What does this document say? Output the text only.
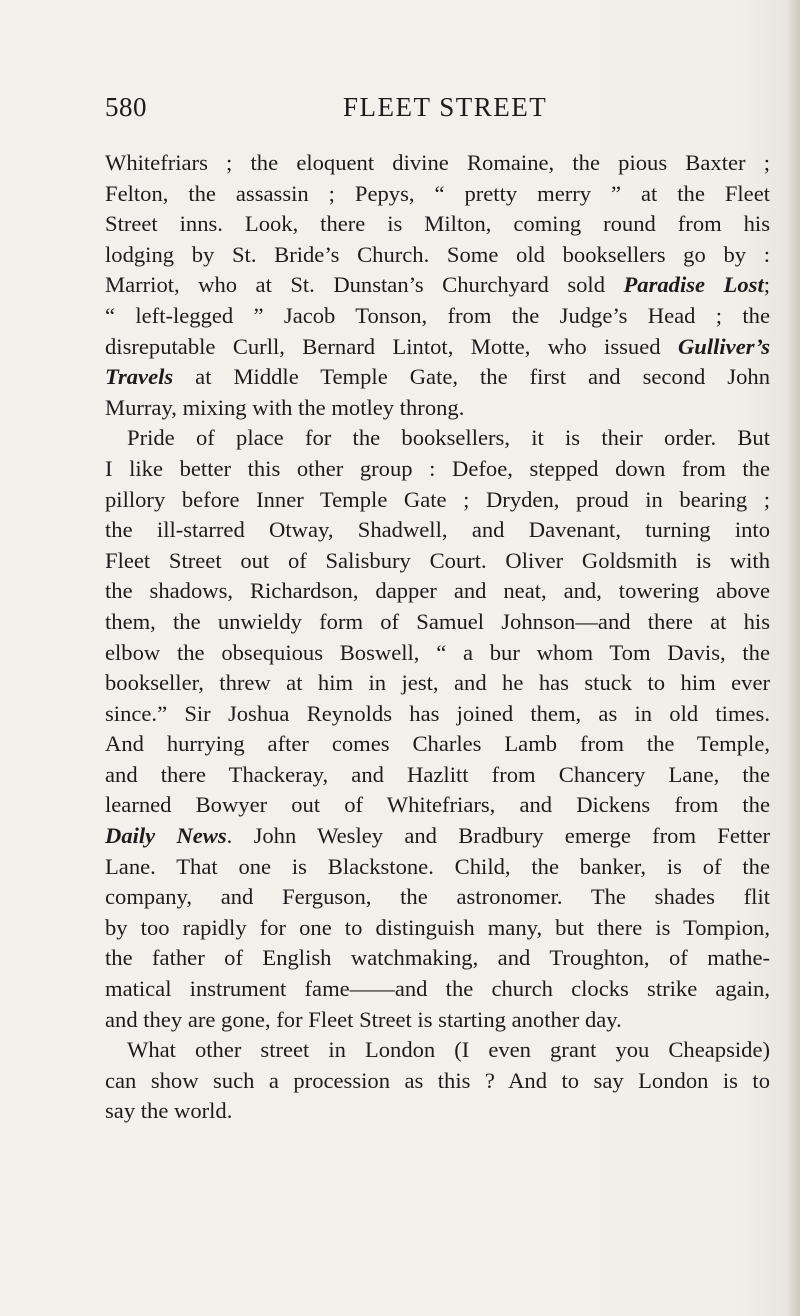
580	FLEET STREET
Whitefriars ; the eloquent divine Romaine, the pious Baxter ;
Felton, the assassin ; Pepys, “ pretty merry ” at the Fleet
Street inns. Look, there is Milton, coming round from his
lodging by St. Bride’s Church. Some old booksellers go by :
Marriot, who at St. Dunstan’s Churchyard sold Paradise Lost;
“ left-legged ” Jacob Tonson, from the Judge’s Head ; the
disreputable Curll, Bernard Lintot, Motte, who issued Gulliver’s
Travels at Middle Temple Gate, the first and second John
Murray, mixing with the motley throng.
Pride of place for the booksellers, it is their order. But
I like better this other group : Defoe, stepped down from the
pillory before Inner Temple Gate ; Dryden, proud in bearing ;
the ill-starred Otway, Shadwell, and Davenant, turning into
Fleet Street out of Salisbury Court. Oliver Goldsmith is with
the shadows, Richardson, dapper and neat, and, towering above
them, the unwieldy form of Samuel Johnson—and there at his
elbow the obsequious Boswell, “ a bur whom Tom Davis, the
bookseller, threw at him in jest, and he has stuck to him ever
since.” Sir Joshua Reynolds has joined them, as in old times.
And hurrying after comes Charles Lamb from the Temple,
and there Thackeray, and Hazlitt from Chancery Lane, the
learned Bowyer out of Whitefriars, and Dickens from the
Daily News. John Wesley and Bradbury emerge from Fetter
Lane. That one is Blackstone. Child, the banker, is of the
company, and Ferguson, the astronomer. The shades flit
by too rapidly for one to distinguish many, but there is Tompion,
the father of English watchmaking, and Troughton, of mathe-
matical instrument fame——and the church clocks strike again,
and they are gone, for Fleet Street is starting another day.
What other street in London (I even grant you Cheapside)
can show such a procession as this ? And to say London is to
say the world.
